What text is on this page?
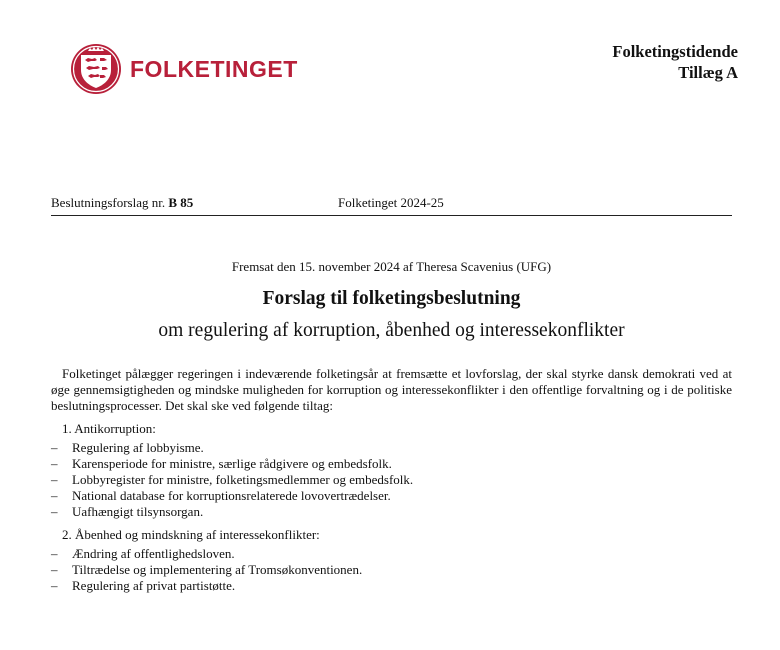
FOLKETINGET
Folketingstidende
Tillæg A
Beslutningsforslag nr. B 85	Folketinget 2024-25
Fremsat den 15. november 2024 af Theresa Scavenius (UFG)
Forslag til folketingsbeslutning
om regulering af korruption, åbenhed og interessekonflikter

Folketinget pålægger regeringen i indeværende folketingsår at fremsætte et lovforslag, der skal styrke dansk demokrati ved at øge gennemsigtigheden og mindske muligheden for korruption og interessekonflikter i den offentlige forvaltning og i de politiske beslutningsprocesser. Det skal ske ved følgende tiltag:

1. Antikorruption:
– Regulering af lobbyisme.
– Karensperiode for ministre, særlige rådgivere og embedsfolk.
– Lobbyregister for ministre, folketingsmedlemmer og embedsfolk.
– National database for korruptionsrelaterede lovovertrædelser.
– Uafhængigt tilsynsorgan.
2. Åbenhed og mindskning af interessekonflikter:
– Ændring af offentlighedsloven.
– Tiltrædelse og implementering af Tromsøkonventionen.
– Regulering af privat partistøtte.
